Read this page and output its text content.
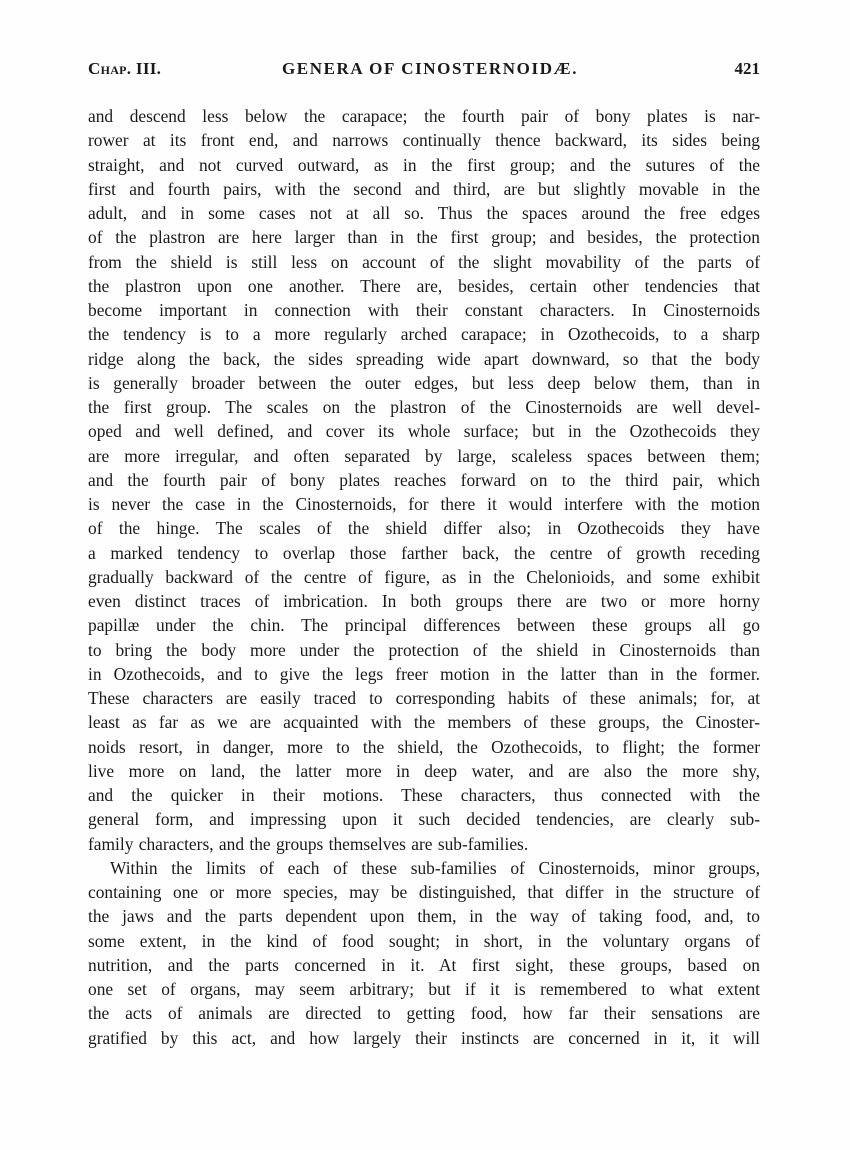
Chap. III.	GENERA OF CINOSTERNOIDÆ.	421
and descend less below the carapace; the fourth pair of bony plates is nar-
rower at its front end, and narrows continually thence backward, its sides being
straight, and not curved outward, as in the first group; and the sutures of the
first and fourth pairs, with the second and third, are but slightly movable in the
adult, and in some cases not at all so. Thus the spaces around the free edges
of the plastron are here larger than in the first group; and besides, the protection
from the shield is still less on account of the slight movability of the parts of
the plastron upon one another. There are, besides, certain other tendencies that
become important in connection with their constant characters. In Cinosternoids
the tendency is to a more regularly arched carapace; in Ozothecoids, to a sharp
ridge along the back, the sides spreading wide apart downward, so that the body
is generally broader between the outer edges, but less deep below them, than in
the first group. The scales on the plastron of the Cinosternoids are well devel-
oped and well defined, and cover its whole surface; but in the Ozothecoids they
are more irregular, and often separated by large, scaleless spaces between them;
and the fourth pair of bony plates reaches forward on to the third pair, which
is never the case in the Cinosternoids, for there it would interfere with the motion
of the hinge. The scales of the shield differ also; in Ozothecoids they have
a marked tendency to overlap those farther back, the centre of growth receding
gradually backward of the centre of figure, as in the Chelonioids, and some exhibit
even distinct traces of imbrication. In both groups there are two or more horny
papillæ under the chin. The principal differences between these groups all go
to bring the body more under the protection of the shield in Cinosternoids than
in Ozothecoids, and to give the legs freer motion in the latter than in the former.
These characters are easily traced to corresponding habits of these animals; for, at
least as far as we are acquainted with the members of these groups, the Cinoster-
noids resort, in danger, more to the shield, the Ozothecoids, to flight; the former
live more on land, the latter more in deep water, and are also the more shy,
and the quicker in their motions. These characters, thus connected with the
general form, and impressing upon it such decided tendencies, are clearly sub-
family characters, and the groups themselves are sub-families.
Within the limits of each of these sub-families of Cinosternoids, minor groups,
containing one or more species, may be distinguished, that differ in the structure of
the jaws and the parts dependent upon them, in the way of taking food, and, to
some extent, in the kind of food sought; in short, in the voluntary organs of
nutrition, and the parts concerned in it. At first sight, these groups, based on
one set of organs, may seem arbitrary; but if it is remembered to what extent
the acts of animals are directed to getting food, how far their sensations are
gratified by this act, and how largely their instincts are concerned in it, it will
